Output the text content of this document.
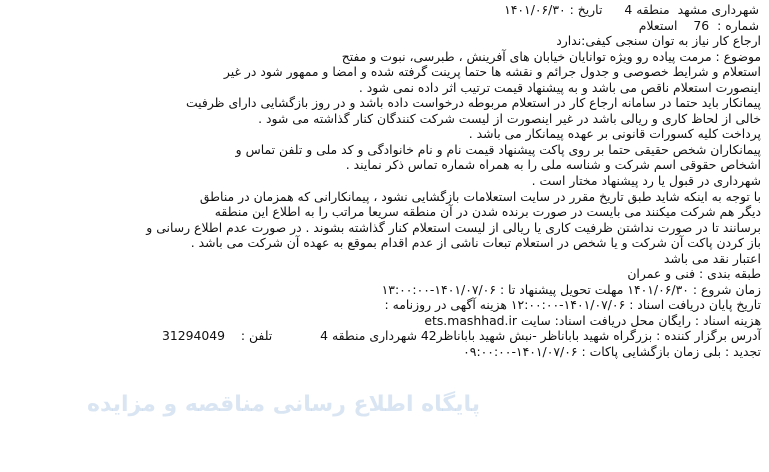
شهرداری مشهد

منطقه 4
تاریخ :

۱۴۰۱/۰۶/۳۰
شماره :

76
استعلام
ارجاع کار نیاز به توان سنجی کیفی:ندارد
موضوع : مرمت پیاده رو ویژه توانایان خیابان های آفرینش ، طبرسی، نبوت و مفتح
استعلام و شرایط خصوصی و جدول جرائم و نقشه ها حتما پرینت گرفته شده و امضا و ممهور شود در غیر
اینصورت استعلام ناقص می باشد و به پیشنهاد قیمت ترتیب اثر داده نمی شود .
پیمانکار باید حتما در سامانه ارجاع کار در استعلام مربوطه درخواست داده باشد و در روز بازگشایی دارای ظرفیت
خالی از لحاظ کاری و ریالی باشد در غیر اینصورت از لیست شرکت کنندگان کنار گذاشته می شود .
پرداخت کلیه کسورات قانونی بر عهده پیمانکار می باشد .
پیمانکاران شخص حقیقی حتما بر روی پاکت پیشنهاد قیمت نام و نام خانوادگی و کد ملی و تلفن تماس و
اشخاص حقوقی اسم شرکت و شناسه ملی را به همراه شماره تماس ذکر نمایند .
شهرداری در قبول یا رد پیشنهاد مختار است .
با توجه به اینکه شاید طبق تاریخ مقرر در سایت استعلامات بازگشایی نشود ، پیمانکارانی که همزمان در مناطق
دیگر هم شرکت میکنند می بایست در صورت برنده شدن در آن منطقه سریعا مراتب را به اطلاع این منطقه
برسانند تا در صورت نداشتن ظرفیت کاری یا ریالی از لیست استعلام کنار گذاشته بشوند . در صورت عدم اطلاع رسانی و
باز کردن پاکت آن شرکت و یا شخص در استعلام تبعات ناشی از عدم اقدام بموقع به عهده آن شرکت می باشد .
اعتبار نقد می باشد
طبقه بندی : فنی و عمران
زمان شروع : ۱۴۰۱/۰۶/۳۰ مهلت تحویل پیشنهاد تا : ۱۴۰۱/۰۷/۰۶-۱۳:۰۰:۰۰
تاریخ پایان دریافت اسناد : ۱۴۰۱/۰۷/۰۶-۱۲:۰۰:۰۰ هزینه آگهی در روزنامه :
هزینه اسناد : رایگان محل دریافت اسناد: سایت ets.mashhad.ir
آدرس برگزار کننده : بزرگراه شهید باباناظر -نبش شهید باباناظر42 شهرداری منطقه 4  تلفن :    31294049
تجدید : بلی زمان بازگشایی پاکات : ۱۴۰۱/۰۷/۰۶-۰۹:۰۰:۰۰
پایگاه اطلاع رسانی مناقصه و مزایده
